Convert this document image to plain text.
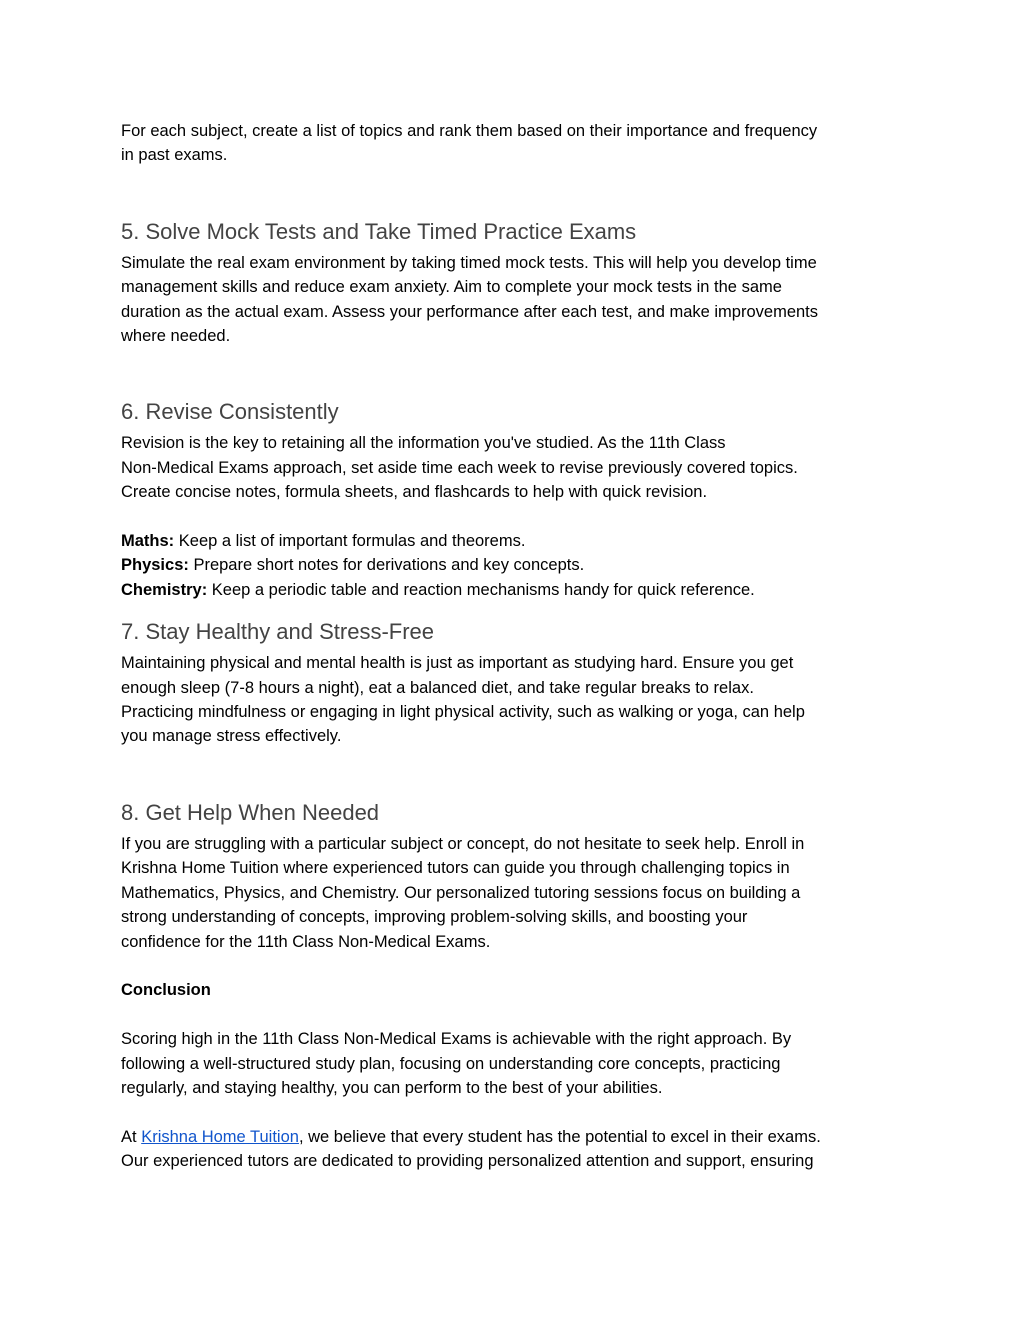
For each subject, create a list of topics and rank them based on their importance and frequency
in past exams.

5. Solve Mock Tests and Take Timed Practice Exams

Simulate the real exam environment by taking timed mock tests. This will help you develop time
management skills and reduce exam anxiety. Aim to complete your mock tests in the same
duration as the actual exam. Assess your performance after each test, and make improvements
where needed.

6. Revise Consistently

Revision is the key to retaining all the information you've studied. As the 11th Class
Non-Medical Exams approach, set aside time each week to revise previously covered topics.
Create concise notes, formula sheets, and flashcards to help with quick revision.

Maths: Keep a list of important formulas and theorems.
Physics: Prepare short notes for derivations and key concepts.
Chemistry: Keep a periodic table and reaction mechanisms handy for quick reference.

7. Stay Healthy and Stress-Free

Maintaining physical and mental health is just as important as studying hard. Ensure you get
enough sleep (7-8 hours a night), eat a balanced diet, and take regular breaks to relax.
Practicing mindfulness or engaging in light physical activity, such as walking or yoga, can help
you manage stress effectively.

8. Get Help When Needed

If you are struggling with a particular subject or concept, do not hesitate to seek help. Enroll in
Krishna Home Tuition where experienced tutors can guide you through challenging topics in
Mathematics, Physics, and Chemistry. Our personalized tutoring sessions focus on building a
strong understanding of concepts, improving problem-solving skills, and boosting your
confidence for the 11th Class Non-Medical Exams.

Conclusion

Scoring high in the 11th Class Non-Medical Exams is achievable with the right approach. By
following a well-structured study plan, focusing on understanding core concepts, practicing
regularly, and staying healthy, you can perform to the best of your abilities.

At Krishna Home Tuition, we believe that every student has the potential to excel in their exams.
Our experienced tutors are dedicated to providing personalized attention and support, ensuring
